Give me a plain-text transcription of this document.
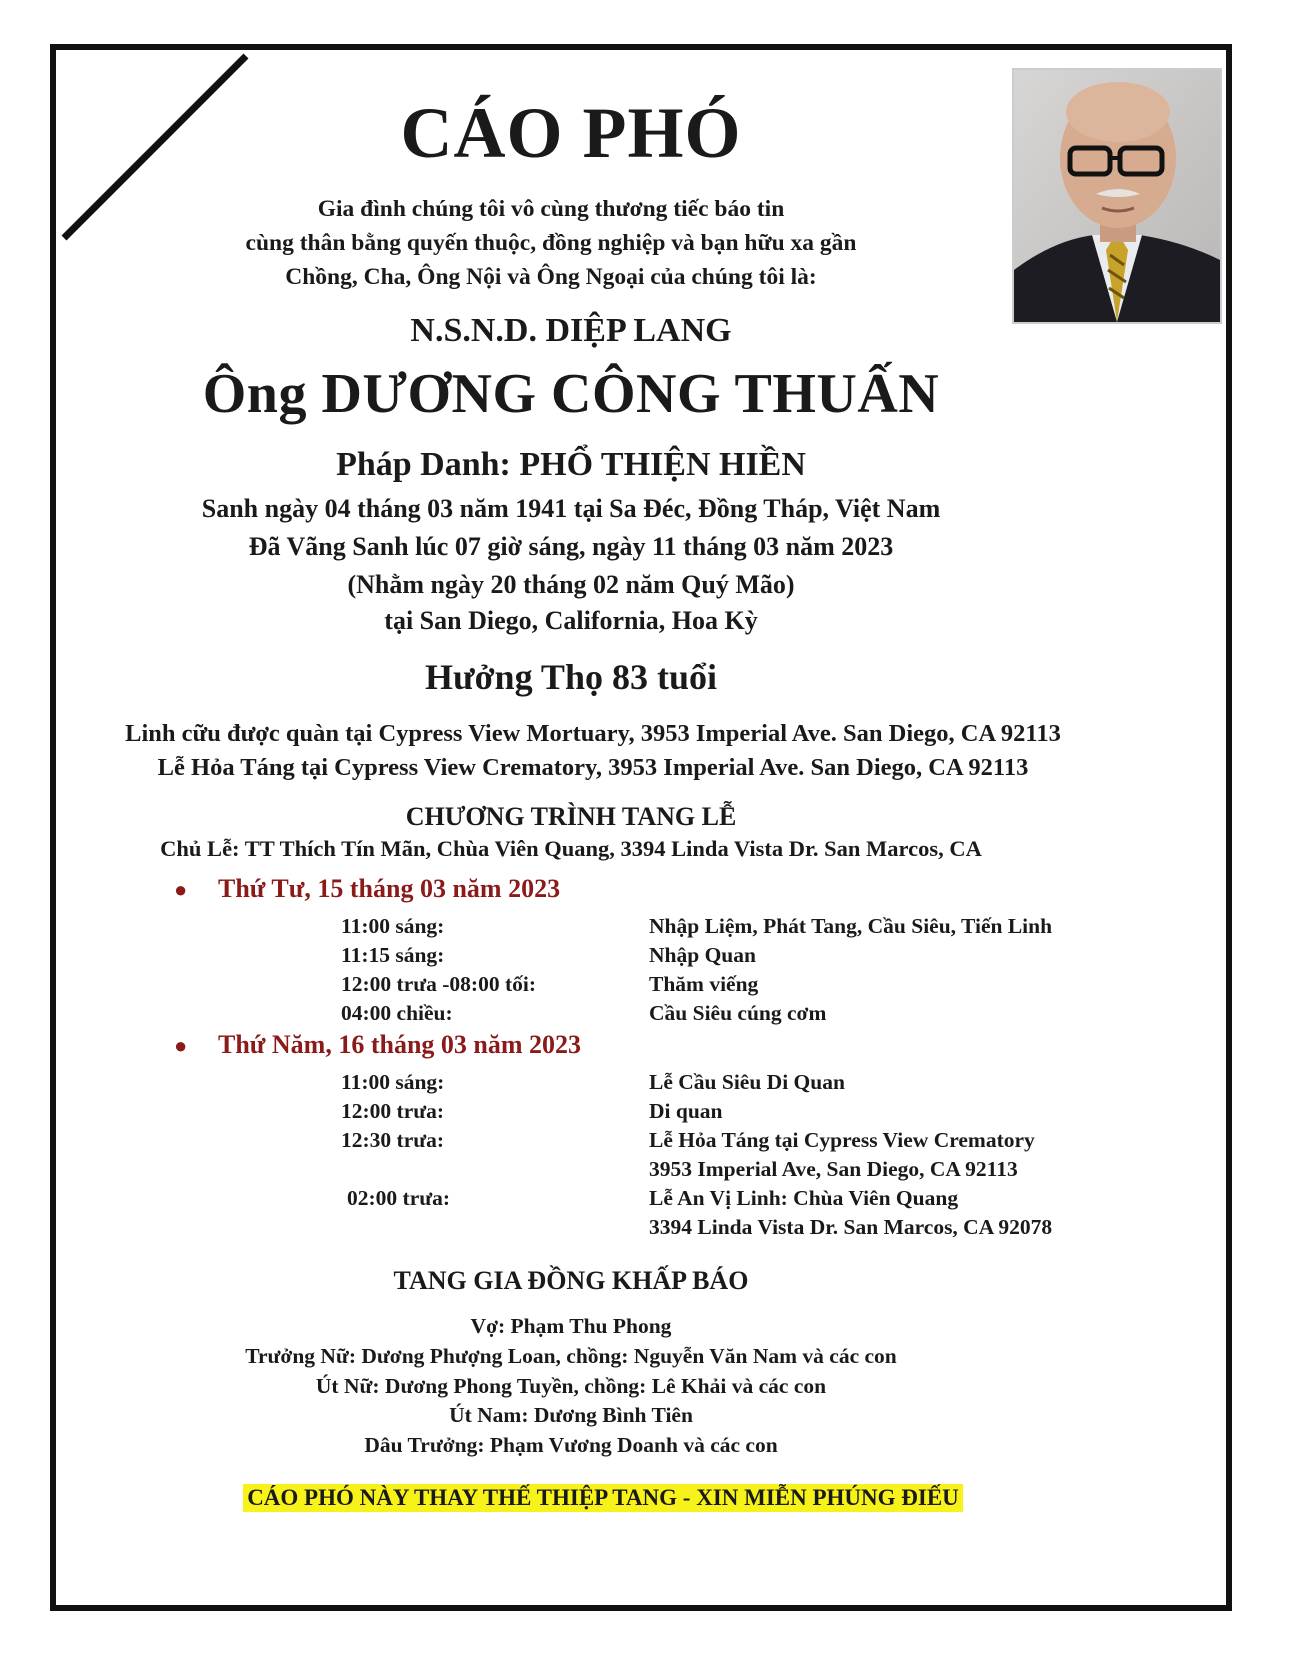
CÁO PHÓ
Gia đình chúng tôi vô cùng thương tiếc báo tin
cùng thân bằng quyến thuộc, đồng nghiệp và bạn hữu xa gần
Chồng, Cha, Ông Nội và Ông Ngoại của chúng tôi là:
N.S.N.D. DIỆP LANG
Ông DƯƠNG CÔNG THUẤN
Pháp Danh: PHỔ THIỆN HIỀN
Sanh ngày 04 tháng 03 năm 1941 tại Sa Đéc, Đồng Tháp, Việt Nam
Đã Vãng Sanh lúc 07 giờ sáng, ngày 11 tháng 03 năm 2023
(Nhằm ngày 20 tháng 02 năm Quý Mão)
tại San Diego, California, Hoa Kỳ
Hưởng Thọ 83 tuổi
Linh cữu được quàn tại Cypress View Mortuary, 3953 Imperial Ave. San Diego, CA 92113
Lễ Hỏa Táng tại Cypress View Crematory, 3953 Imperial Ave. San Diego, CA 92113
CHƯƠNG TRÌNH TANG LỄ
Chủ Lễ: TT Thích Tín Mãn, Chùa Viên Quang, 3394 Linda Vista Dr. San Marcos, CA
● Thứ Tư, 15 tháng 03 năm 2023
11:00 sáng:	Nhập Liệm, Phát Tang, Cầu Siêu, Tiến Linh
11:15 sáng:	Nhập Quan
12:00 trưa -08:00 tối:	Thăm viếng
04:00 chiều:	Cầu Siêu cúng cơm
● Thứ Năm, 16 tháng 03 năm 2023
11:00 sáng:	Lễ Cầu Siêu Di Quan
12:00 trưa:	Di quan
12:30 trưa:	Lễ Hỏa Táng tại Cypress View Crematory
3953 Imperial Ave, San Diego, CA 92113
02:00 trưa:	Lễ An Vị Linh: Chùa Viên Quang
3394 Linda Vista Dr. San Marcos, CA 92078
TANG GIA ĐỒNG KHẤP BÁO
Vợ: Phạm Thu Phong
Trưởng Nữ: Dương Phượng Loan, chồng: Nguyễn Văn Nam và các con
Út Nữ: Dương Phong Tuyền, chồng: Lê Khải và các con
Út Nam: Dương Bình Tiên
Dâu Trưởng: Phạm Vương Doanh và các con
CÁO PHÓ NÀY THAY THẾ THIỆP TANG - XIN MIỄN PHÚNG ĐIẾU
